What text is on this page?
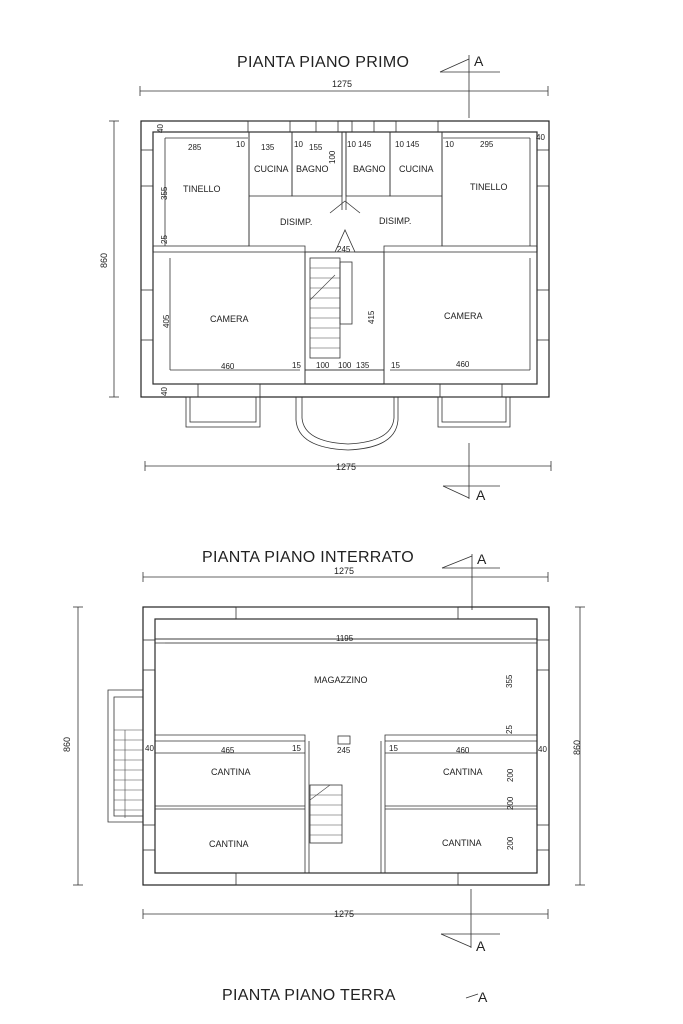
PIANTA PIANO PRIMO	A
1275
860
TINELLO
CUCINA BAGNO	BAGNO CUCINA
TINELLO
DISIMP.	DISIMP.
CAMERA	CAMERA
40
285	10 135 10 155
100
10 145	10 145	10	295
40
355
25
245
405	415
460	15 100 100 135	15	460
40
1275
A
PIANTA PIANO INTERRATO	A
1275
860	860
MAGAZZINO
CANTINA
CANTINA
CANTINA
CANTINA
1195
355
25
40	465	15	245	15	460	40
200
200
200
1275
A
PIANTA PIANO TERRA	A
